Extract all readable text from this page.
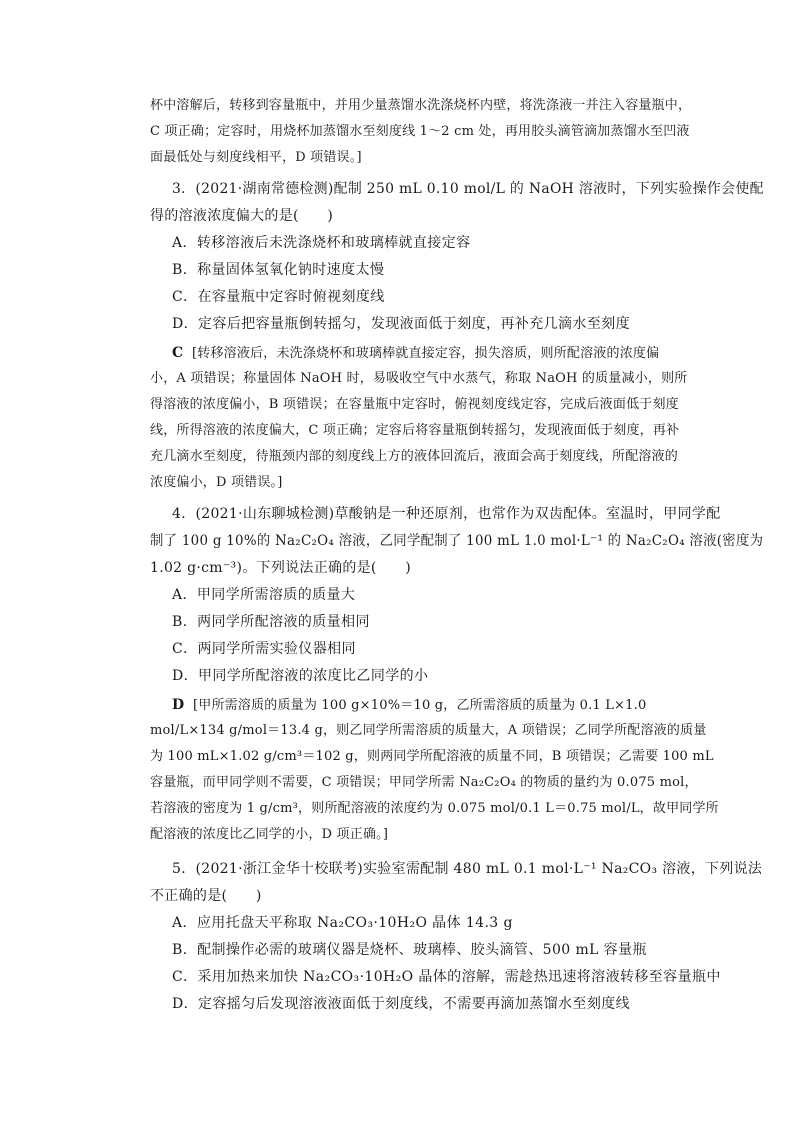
杯中溶解后，转移到容量瓶中，并用少量蒸馏水洗涤烧杯内壁，将洗涤液一并注入容量瓶中，
C 项正确；定容时，用烧杯加蒸馏水至刻度线 1～2 cm 处，再用胶头滴管滴加蒸馏水至凹液
面最低处与刻度线相平，D 项错误。]
3．(2021·湖南常德检测)配制 250 mL 0.10 mol/L 的 NaOH 溶液时，下列实验操作会使配
得的溶液浓度偏大的是(　　)
A．转移溶液后未洗涤烧杯和玻璃棒就直接定容
B．称量固体氢氧化钠时速度太慢
C．在容量瓶中定容时俯视刻度线
D．定容后把容量瓶倒转摇匀，发现液面低于刻度，再补充几滴水至刻度
C [转移溶液后，未洗涤烧杯和玻璃棒就直接定容，损失溶质，则所配溶液的浓度偏
小，A 项错误；称量固体 NaOH 时，易吸收空气中水蒸气，称取 NaOH 的质量减小，则所
得溶液的浓度偏小，B 项错误；在容量瓶中定容时，俯视刻度线定容，完成后液面低于刻度
线，所得溶液的浓度偏大，C 项正确；定容后将容量瓶倒转摇匀，发现液面低于刻度，再补
充几滴水至刻度，待瓶颈内部的刻度线上方的液体回流后，液面会高于刻度线，所配溶液的
浓度偏小，D 项错误。]
4．(2021·山东聊城检测)草酸钠是一种还原剂，也常作为双齿配体。室温时，甲同学配
制了 100 g 10%的 Na₂C₂O₄ 溶液，乙同学配制了 100 mL 1.0 mol·L⁻¹ 的 Na₂C₂O₄ 溶液(密度为
1.02 g·cm⁻³)。下列说法正确的是(　　)
A．甲同学所需溶质的质量大
B．两同学所配溶液的质量相同
C．两同学所需实验仪器相同
D．甲同学所配溶液的浓度比乙同学的小
D [甲所需溶质的质量为 100 g×10%＝10 g，乙所需溶质的质量为 0.1 L×1.0
mol/L×134 g/mol＝13.4 g，则乙同学所需溶质的质量大，A 项错误；乙同学所配溶液的质量
为 100 mL×1.02 g/cm³＝102 g，则两同学所配溶液的质量不同，B 项错误；乙需要 100 mL
容量瓶，而甲同学则不需要，C 项错误；甲同学所需 Na₂C₂O₄ 的物质的量约为 0.075 mol，
若溶液的密度为 1 g/cm³，则所配溶液的浓度约为 0.075 mol/0.1 L＝0.75 mol/L，故甲同学所
配溶液的浓度比乙同学的小，D 项正确。]
5．(2021·浙江金华十校联考)实验室需配制 480 mL 0.1 mol·L⁻¹ Na₂CO₃ 溶液，下列说法
不正确的是(　　)
A．应用托盘天平称取 Na₂CO₃·10H₂O 晶体 14.3 g
B．配制操作必需的玻璃仪器是烧杯、玻璃棒、胶头滴管、500 mL 容量瓶
C．采用加热来加快 Na₂CO₃·10H₂O 晶体的溶解，需趁热迅速将溶液转移至容量瓶中
D．定容摇匀后发现溶液液面低于刻度线，不需要再滴加蒸馏水至刻度线
